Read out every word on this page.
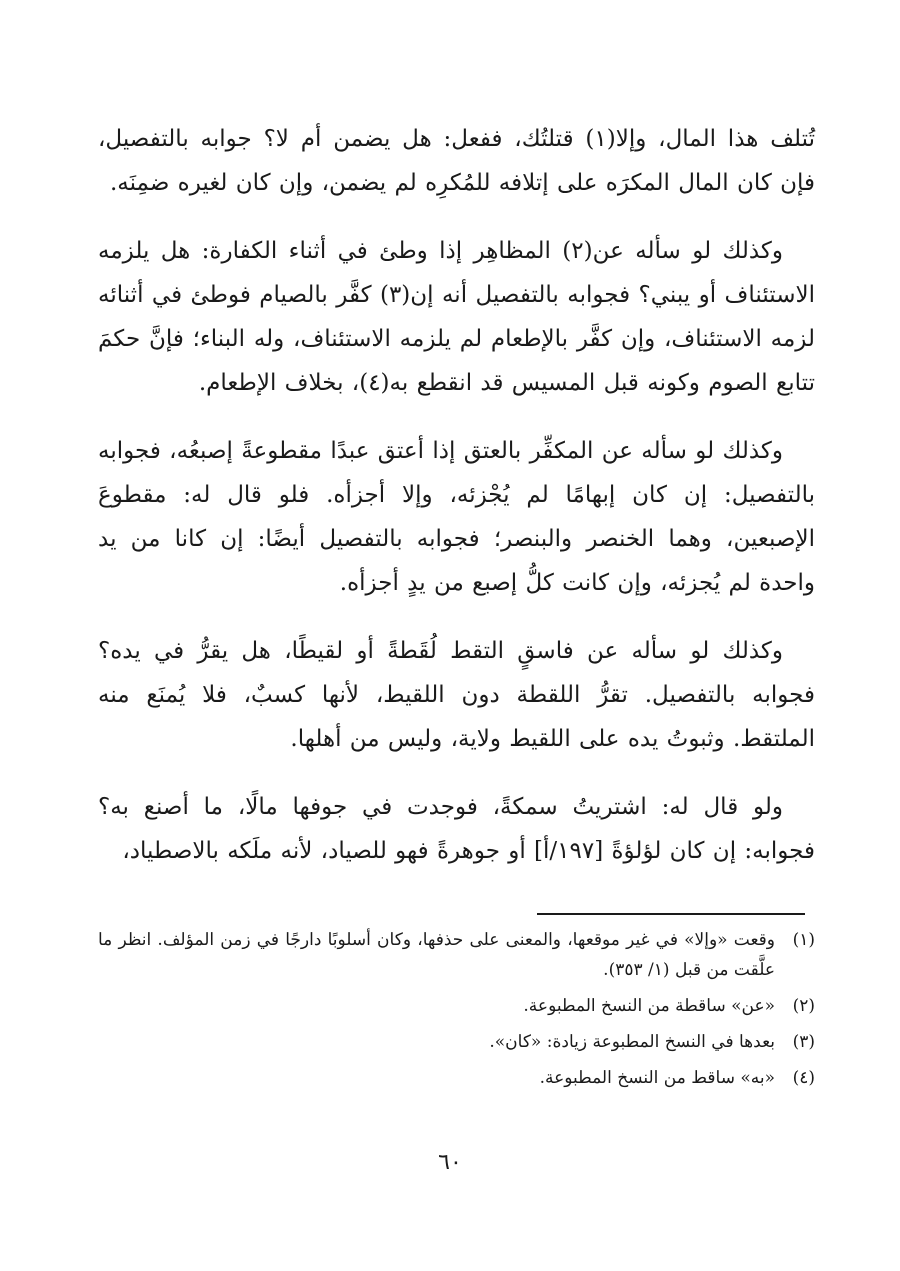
تُتلف هذا المال، وإلا(١) قتلتُك، ففعل: هل يضمن أم لا؟ جوابه بالتفصيل، فإن كان المال المكرَه على إتلافه للمُكرِه لم يضمن، وإن كان لغيره ضمِنَه.

وكذلك لو سأله عن(٢) المظاهِر إذا وطئ في أثناء الكفارة: هل يلزمه الاستئناف أو يبني؟ فجوابه بالتفصيل أنه إن(٣) كفَّر بالصيام فوطئ في أثنائه لزمه الاستئناف، وإن كفَّر بالإطعام لم يلزمه الاستئناف، وله البناء؛ فإنَّ حكمَ تتابع الصوم وكونه قبل المسيس قد انقطع به(٤)، بخلاف الإطعام.

وكذلك لو سأله عن المكفِّر بالعتق إذا أعتق عبدًا مقطوعةً إصبعُه، فجوابه بالتفصيل: إن كان إبهامًا لم يُجْزئه، وإلا أجزأه. فلو قال له: مقطوعَ الإصبعين، وهما الخنصر والبنصر؛ فجوابه بالتفصيل أيضًا: إن كانا من يد واحدة لم يُجزئه، وإن كانت كلُّ إصبع من يدٍ أجزأه.

وكذلك لو سأله عن فاسقٍ التقط لُقَطةً أو لقيطًا، هل يقرُّ في يده؟ فجوابه بالتفصيل. تقرُّ اللقطة دون اللقيط، لأنها كسبٌ، فلا يُمنَع منه الملتقط. وثبوتُ يده على اللقيط ولاية، وليس من أهلها.

ولو قال له: اشتريتُ سمكةً، فوجدت في جوفها مالًا، ما أصنع به؟ فجوابه: إن كان لؤلؤةً [١٩٧/أ] أو جوهرةً فهو للصياد، لأنه ملَكه بالاصطياد،

(١)
وقعت «وإلا» في غير موقعها، والمعنى على حذفها، وكان أسلوبًا دارجًا في زمن المؤلف. انظر ما علَّقت من قبل (١/ ٣٥٣).
(٢)
«عن» ساقطة من النسخ المطبوعة.
(٣)
بعدها في النسخ المطبوعة زيادة: «كان».
(٤)
«به» ساقط من النسخ المطبوعة.
٦٠
